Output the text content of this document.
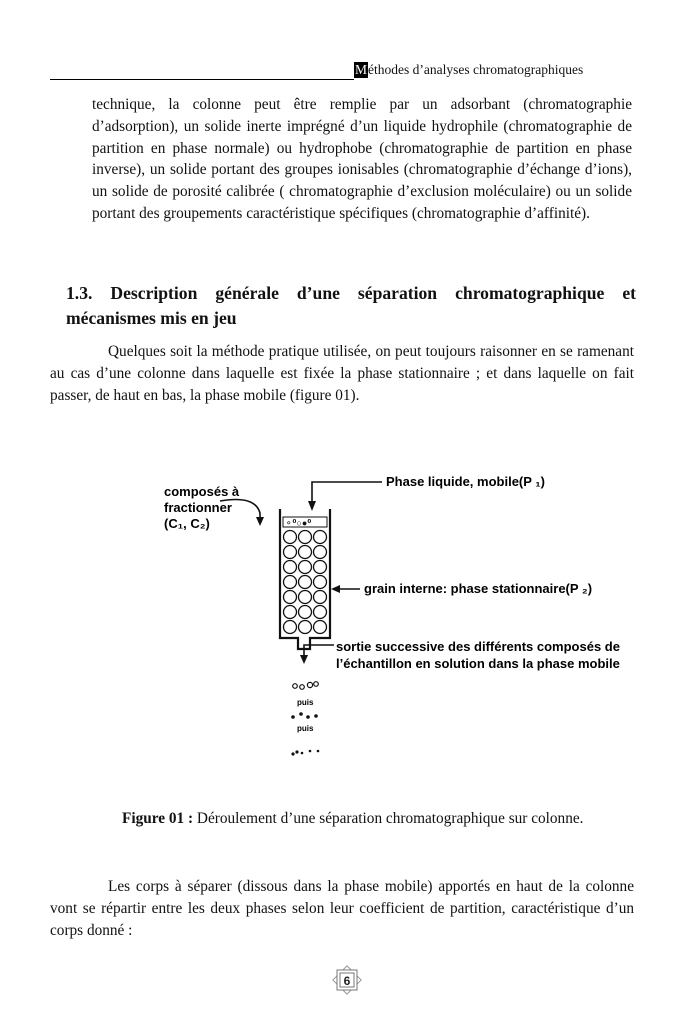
Méthodes d’analyses chromatographiques

technique, la colonne peut être remplie par un adsorbant (chromatographie d’adsorption), un solide inerte imprégné d’un liquide hydrophile (chromatographie de partition en phase normale) ou hydrophobe (chromatographie de partition en phase inverse), un solide portant des groupes ionisables (chromatographie d’échange d’ions), un solide de porosité calibrée ( chromatographie d’exclusion moléculaire) ou un solide portant des groupements caractéristique spécifiques (chromatographie d’affinité).

1.3. Description générale d’une séparation chromatographique et mécanismes mis en jeu

Quelques soit la méthode pratique utilisée, on peut toujours raisonner en se ramenant au cas d’une colonne dans laquelle est fixée la phase stationnaire ; et dans laquelle on fait passer, de haut en bas, la phase mobile (figure 01).

composés à
fractionner
(C₁, C₂)
Phase liquide, mobile(P ₁)
⚬⁰○●⁰
grain interne: phase stationnaire(P ₂)
sortie successive des différents composés de
l’échantillon en solution dans la phase mobile
puis
puis
Figure 01 : Déroulement d’une séparation chromatographique sur colonne.

Les corps à séparer (dissous dans la phase mobile) apportés en haut de la colonne vont se répartir entre les deux phases selon leur coefficient de partition, caractéristique d’un corps donné :

6
